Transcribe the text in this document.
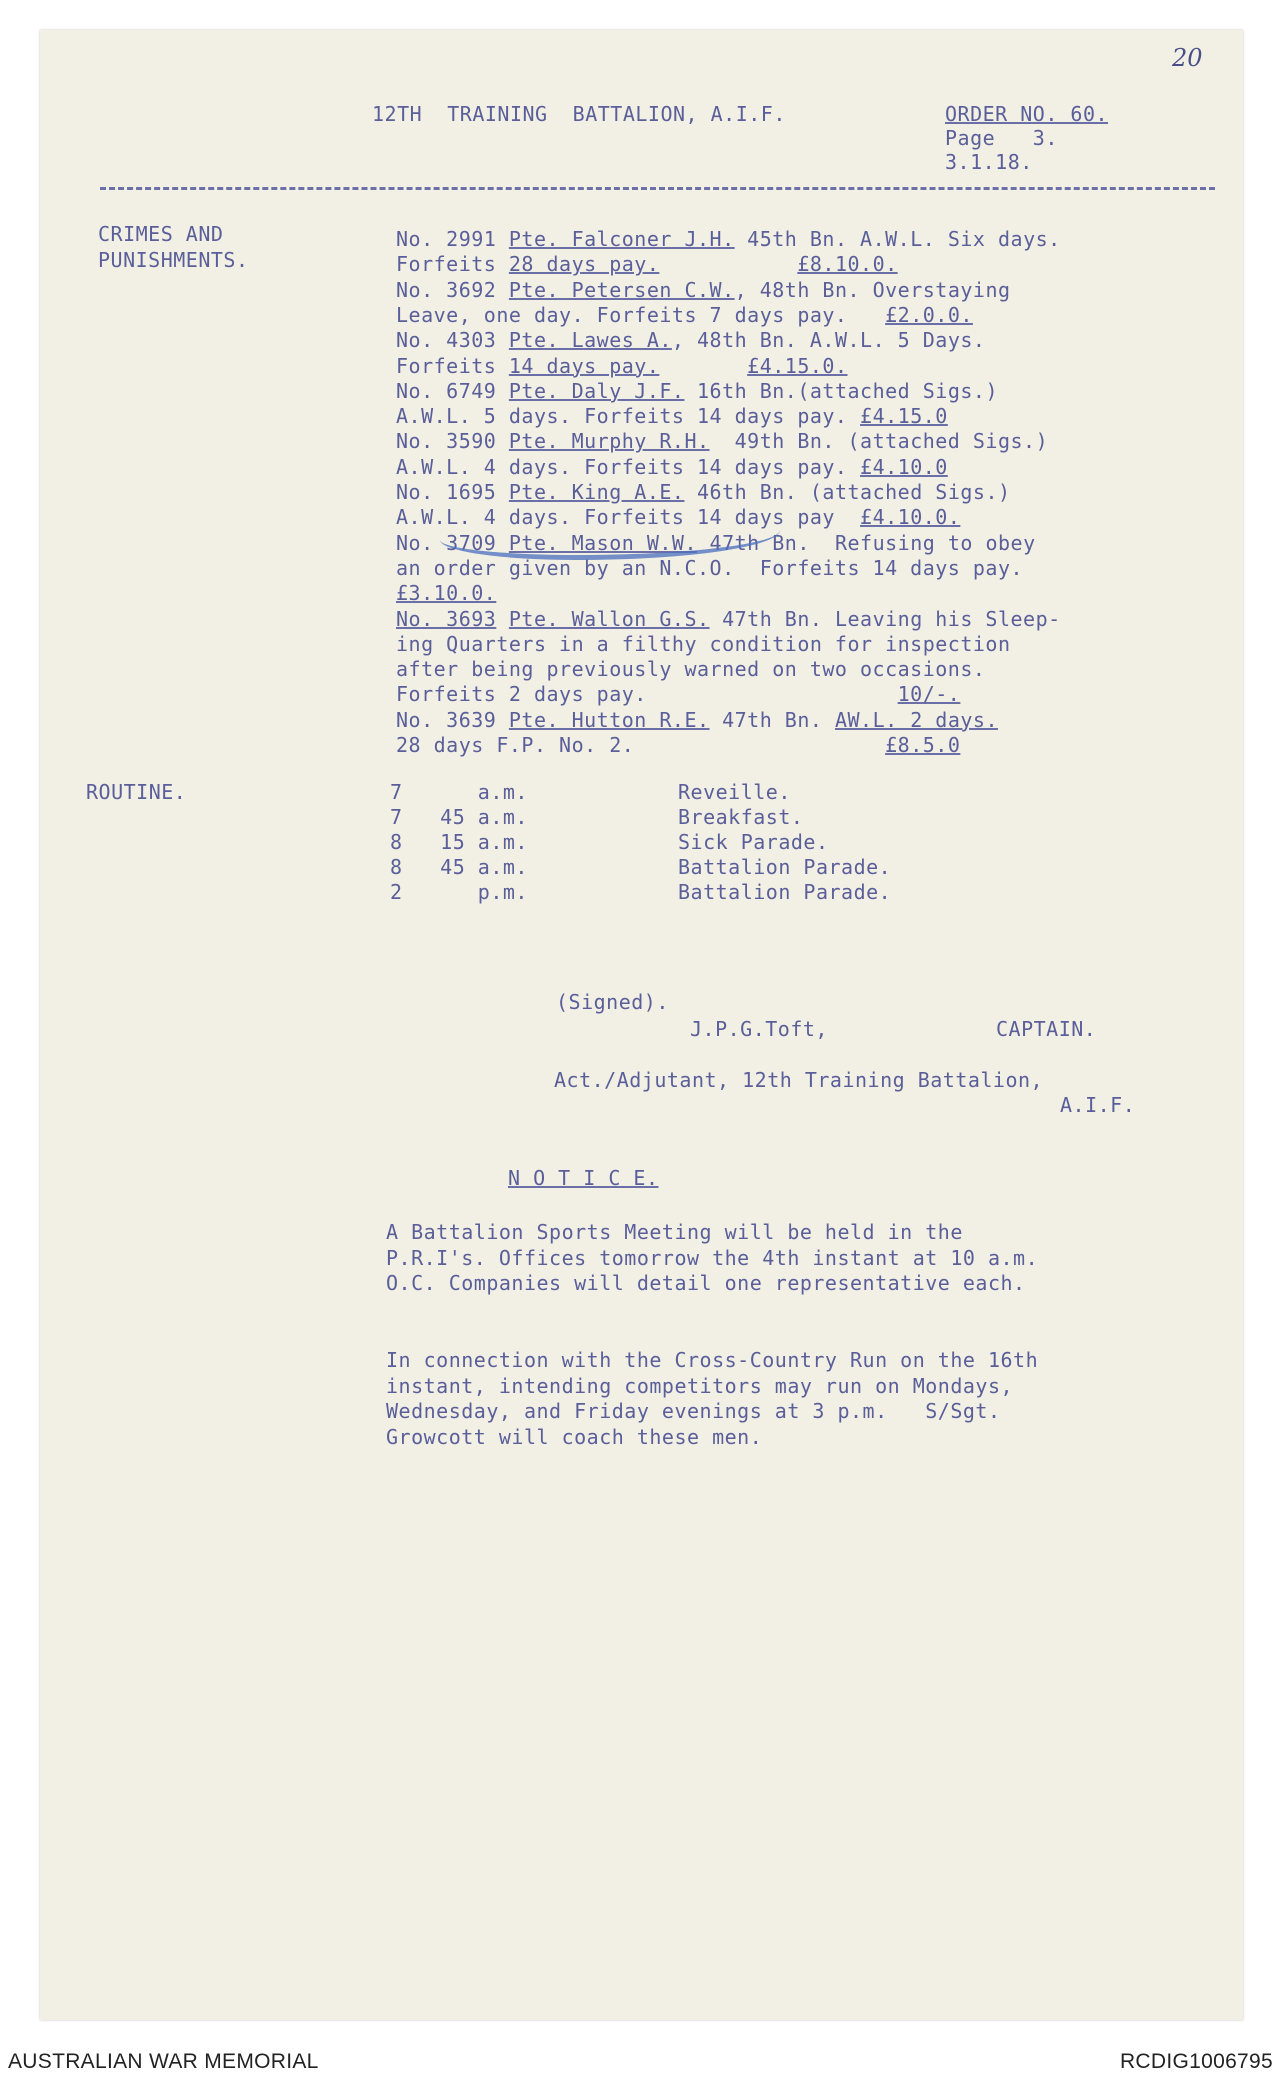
20
12TH  TRAINING  BATTALION, A.I.F.	ORDER NO. 60.
Page   3.
3.1.18.
CRIMES AND
PUNISHMENTS.
No. 2991 Pte. Falconer J.H. 45th Bn. A.W.L. Six days.
Forfeits 28 days pay.	£8.10.0.
No. 3692 Pte. Petersen C.W., 48th Bn. Overstaying
Leave, one day. Forfeits 7 days pay.   £2.0.0.
No. 4303 Pte. Lawes A., 48th Bn. A.W.L. 5 Days.
Forfeits 14 days pay.	£4.15.0.
No. 6749 Pte. Daly J.F. 16th Bn.(attached Sigs.)
A.W.L. 5 days. Forfeits 14 days pay. £4.15.0
No. 3590 Pte. Murphy R.H.  49th Bn. (attached Sigs.)
A.W.L. 4 days. Forfeits 14 days pay. £4.10.0
No. 1695 Pte. King A.E. 46th Bn. (attached Sigs.)
A.W.L. 4 days. Forfeits 14 days pay  £4.10.0.
No. 3709 Pte. Mason W.W. 47th Bn.  Refusing to obey
an order given by an N.C.O.  Forfeits 14 days pay.
£3.10.0.
No. 3693 Pte. Wallon G.S. 47th Bn. Leaving his Sleep-
ing Quarters in a filthy condition for inspection
after being previously warned on two occasions.
Forfeits 2 days pay.                    10/-.
No. 3639 Pte. Hutton R.E. 47th Bn. AW.L. 2 days.
28 days F.P. No. 2.                    £8.5.0
ROUTINE.	7      a.m.	Reveille.
7   45 a.m.	Breakfast.
8   15 a.m.	Sick Parade.
8   45 a.m.	Battalion Parade.
2      p.m.	Battalion Parade.
(Signed).
J.P.G.Toft,	CAPTAIN.
Act./Adjutant, 12th Training Battalion,
A.I.F.
N O T I C E.
A Battalion Sports Meeting will be held in the
P.R.I's. Offices tomorrow the 4th instant at 10 a.m.
O.C. Companies will detail one representative each.
In connection with the Cross-Country Run on the 16th
instant, intending competitors may run on Mondays,
Wednesday, and Friday evenings at 3 p.m.   S/Sgt.
Growcott will coach these men.
AUSTRALIAN WAR MEMORIAL	RCDIG1006795
